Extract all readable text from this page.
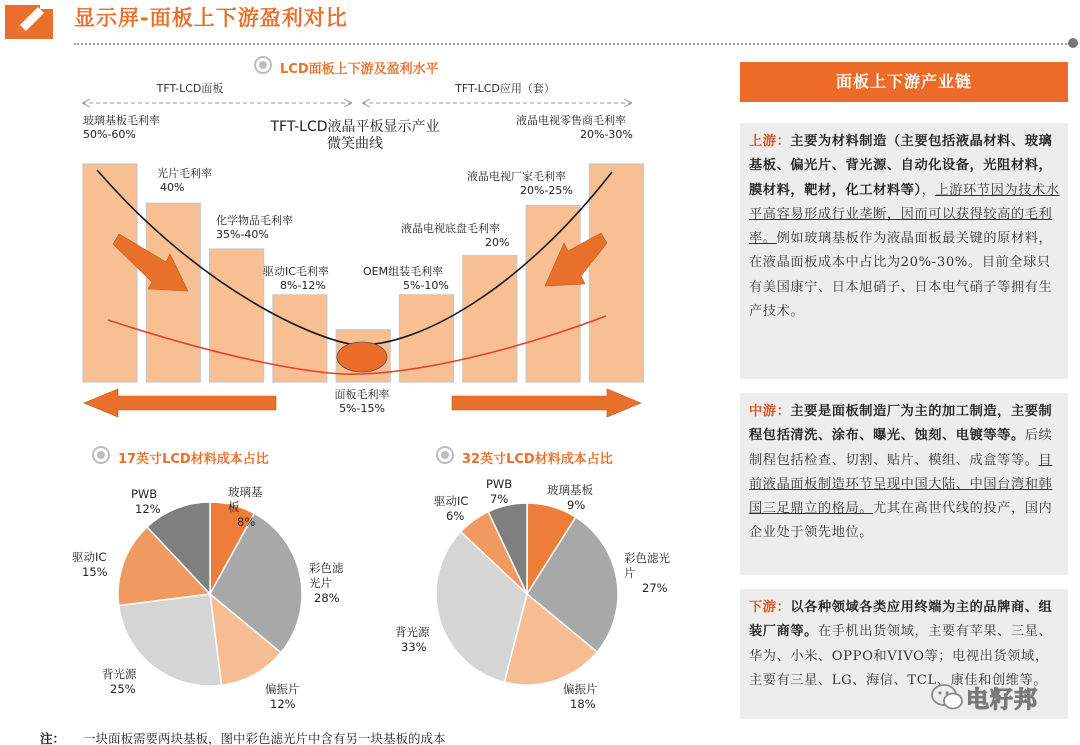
显示屏-面板上下游盈利对比
LCD面板上下游及盈利水平
17英寸LCD材料成本占比	32英寸LCD材料成本占比
TFT-LCD面板	TFT-LCD应用（套）
TFT-LCD液晶平板显示产业
微笑曲线
玻璃基板毛利率
50%-60%
光片毛利率
40%
化学物品毛利率
35%-40%
驱动IC毛利率
8%-12%
面板毛利率
5%-15%
OEM组装毛利率
5%-10%
液晶电视底盘毛利率
20%
液晶电视厂家毛利率
20%-25%
液晶电视零售商毛利率
20%-30%
玻璃基
板
8%
彩色滤
光片
28%
偏振片
12%
背光源
25%
驱动IC
15%
PWB
12%
玻璃基板
9%
彩色滤光
片
27%
偏振片
18%
背光源
33%
驱动IC
6%
PWB
7%
面板上下游产业链
上游：主要为材料制造（主要包括液晶材料、玻璃基板、偏光片、背光源、自动化设备，光阻材料，膜材料，靶材，化工材料等），上游环节因为技术水平高容易形成行业垄断，因而可以获得较高的毛利率。例如玻璃基板作为液晶面板最关键的原材料，在液晶面板成本中占比为20%-30%。目前全球只有美国康宁、日本旭硝子、日本电气硝子等拥有生产技术。
中游：主要是面板制造厂为主的加工制造，主要制程包括清洗、涂布、曝光、蚀刻、电镀等等。后续制程包括检查、切割、贴片、模组、成盒等等。目前液晶面板制造环节呈现中国大陆、中国台湾和韩国三足鼎立的格局。尤其在高世代线的投产，国内企业处于领先地位。
下游：以各种领域各类应用终端为主的品牌商、组装厂商等。在手机出货领域，主要有苹果、三星、华为、小米、OPPO和VIVO等；电视出货领域，主要有三星、LG、海信、TCL、康佳和创维等。
电籽邦
注： 一块面板需要两块基板，图中彩色滤光片中含有另一块基板的成本
